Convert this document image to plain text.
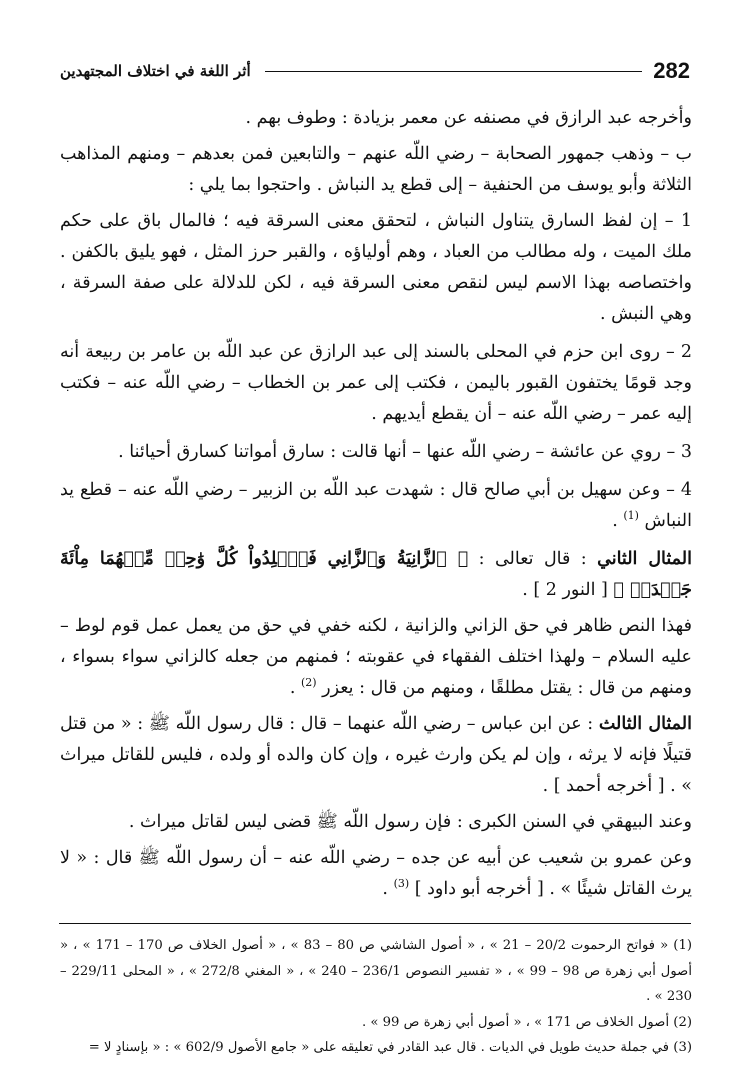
أثر اللغة في اختلاف المجتهدين	282

وأخرجه عبد الرازق في مصنفه عن معمر بزيادة : وطوف بهم .

ب – وذهب جمهور الصحابة – رضي اللّه عنهم – والتابعين فمن بعدهم – ومنهم المذاهب الثلاثة وأبو يوسف من الحنفية – إلى قطع يد النباش . واحتجوا بما يلي :

1 – إن لفظ السارق يتناول النباش ، لتحقق معنى السرقة فيه ؛ فالمال باق على حكم ملك الميت ، وله مطالب من العباد ، وهم أولياؤه ، والقبر حرز المثل ، فهو يليق بالكفن . واختصاصه بهذا الاسم ليس لنقص معنى السرقة فيه ، لكن للدلالة على صفة السرقة ، وهي النبش .

2 – روى ابن حزم في المحلى بالسند إلى عبد الرازق عن عبد اللّه بن عامر بن ربيعة أنه وجد قومًا يختفون القبور باليمن ، فكتب إلى عمر بن الخطاب – رضي اللّه عنه – فكتب إليه عمر – رضي اللّه عنه – أن يقطع أيديهم .

3 – روي عن عائشة – رضي اللّه عنها – أنها قالت : سارق أمواتنا كسارق أحيائنا .

4 – وعن سهيل بن أبي صالح قال : شهدت عبد اللّه بن الزبير – رضي اللّه عنه – قطع يد النباش $^{(1)}$ .

المثال الثاني : قال تعالى : ﴿ ٱلزَّانِيَةُ وَٱلزَّانِي فَٱجۡلِدُواْ كُلَّ وَٰحِدٖ مِّنۡهُمَا مِاْئَةَ جَلۡدَةٖ ﴾ [ النور 2 ] .

فهذا النص ظاهر في حق الزاني والزانية ، لكنه خفي في حق من يعمل عمل قوم لوط – عليه السلام – ولهذا اختلف الفقهاء في عقوبته ؛ فمنهم من جعله كالزاني سواء بسواء ، ومنهم من قال : يقتل مطلقًا ، ومنهم من قال : يعزر $^{(2)}$ .

المثال الثالث : عن ابن عباس – رضي اللّه عنهما – قال : قال رسول اللّه ﷺ : « من قتل قتيلًا فإنه لا يرثه ، وإن لم يكن وارث غيره ، وإن كان والده أو ولده ، فليس للقاتل ميراث » . [ أخرجه أحمد ] .

وعند البيهقي في السنن الكبرى : فإن رسول اللّه ﷺ قضى ليس لقاتل ميراث .

وعن عمرو بن شعيب عن أبيه عن جده – رضي اللّه عنه – أن رسول اللّه ﷺ قال : « لا يرث القاتل شيئًا » . [ أخرجه أبو داود ] $^{(3)}$ .

(1) « فواتح الرحموت 20/2 – 21 » ، « أصول الشاشي ص 80 – 83 » ، « أصول الخلاف ص 170 – 171 » ، « أصول أبي زهرة ص 98 – 99 » ، « تفسير النصوص 236/1 – 240 » ، « المغني 272/8 » ، « المحلى 229/11 – 230 » .

(2) أصول الخلاف ص 171 » ، « أصول أبي زهرة ص 99 » .

(3) في جملة حديث طويل في الديات . قال عبد القادر في تعليقه على « جامع الأصول 602/9 » : « بإسنادٍ لا =
